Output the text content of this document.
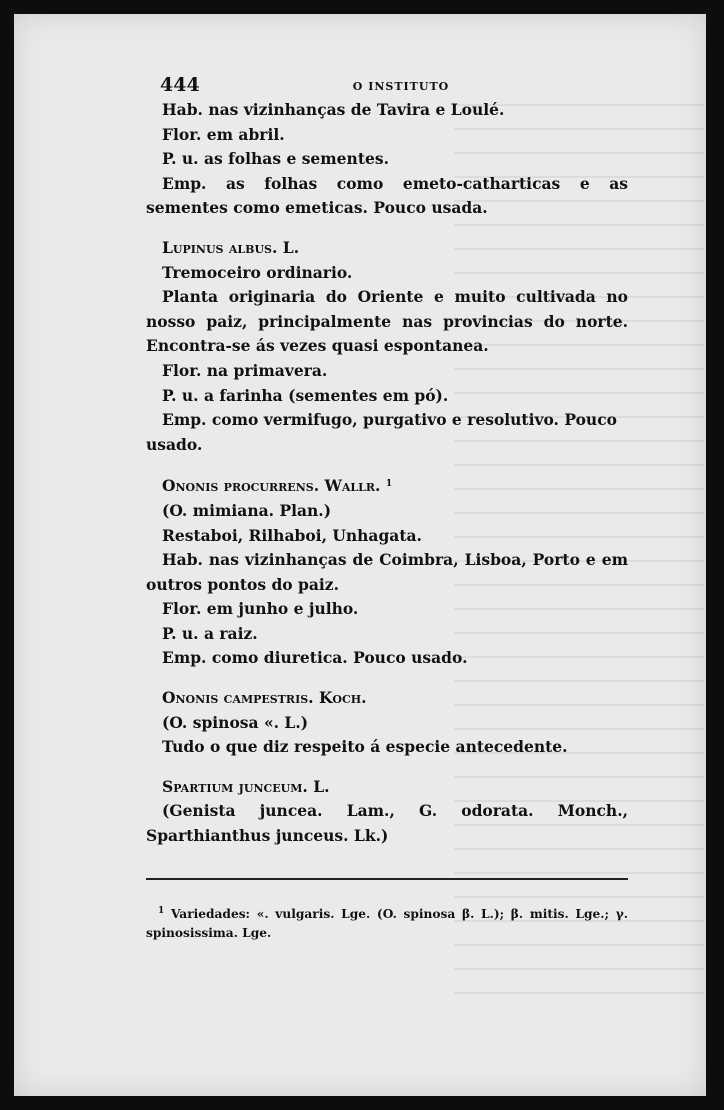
444	O INSTITUTO

Hab. nas vizinhanças de Tavira e Loulé.

Flor. em abril.

P. u. as folhas e sementes.

Emp. as folhas como emeto-catharticas e as sementes como emeticas. Pouco usada.

Lupinus albus. L.

Tremoceiro ordinario.

Planta originaria do Oriente e muito cultivada no nosso paiz, principalmente nas provincias do norte. Encontra-se ás vezes quasi espontanea.

Flor. na primavera.

P. u. a farinha (sementes em pó).

Emp. como vermifugo, purgativo e resolutivo. Pouco usado.

Ononis procurrens. Wallr. $^1$

(O. mimiana. Plan.)

Restaboi, Rilhaboi, Unhagata.

Hab. nas vizinhanças de Coimbra, Lisboa, Porto e em outros pontos do paiz.

Flor. em junho e julho.

P. u. a raiz.

Emp. como diuretica. Pouco usado.

Ononis campestris. Koch.

(O. spinosa «. L.)

Tudo o que diz respeito á especie antecedente.

Spartium junceum. L.

(Genista juncea. Lam., G. odorata. Monch., Sparthianthus junceus. Lk.)

$^1$ Variedades: «. vulgaris. Lge. (O. spinosa β. L.); β. mitis. Lge.; γ. spinosissima. Lge.
